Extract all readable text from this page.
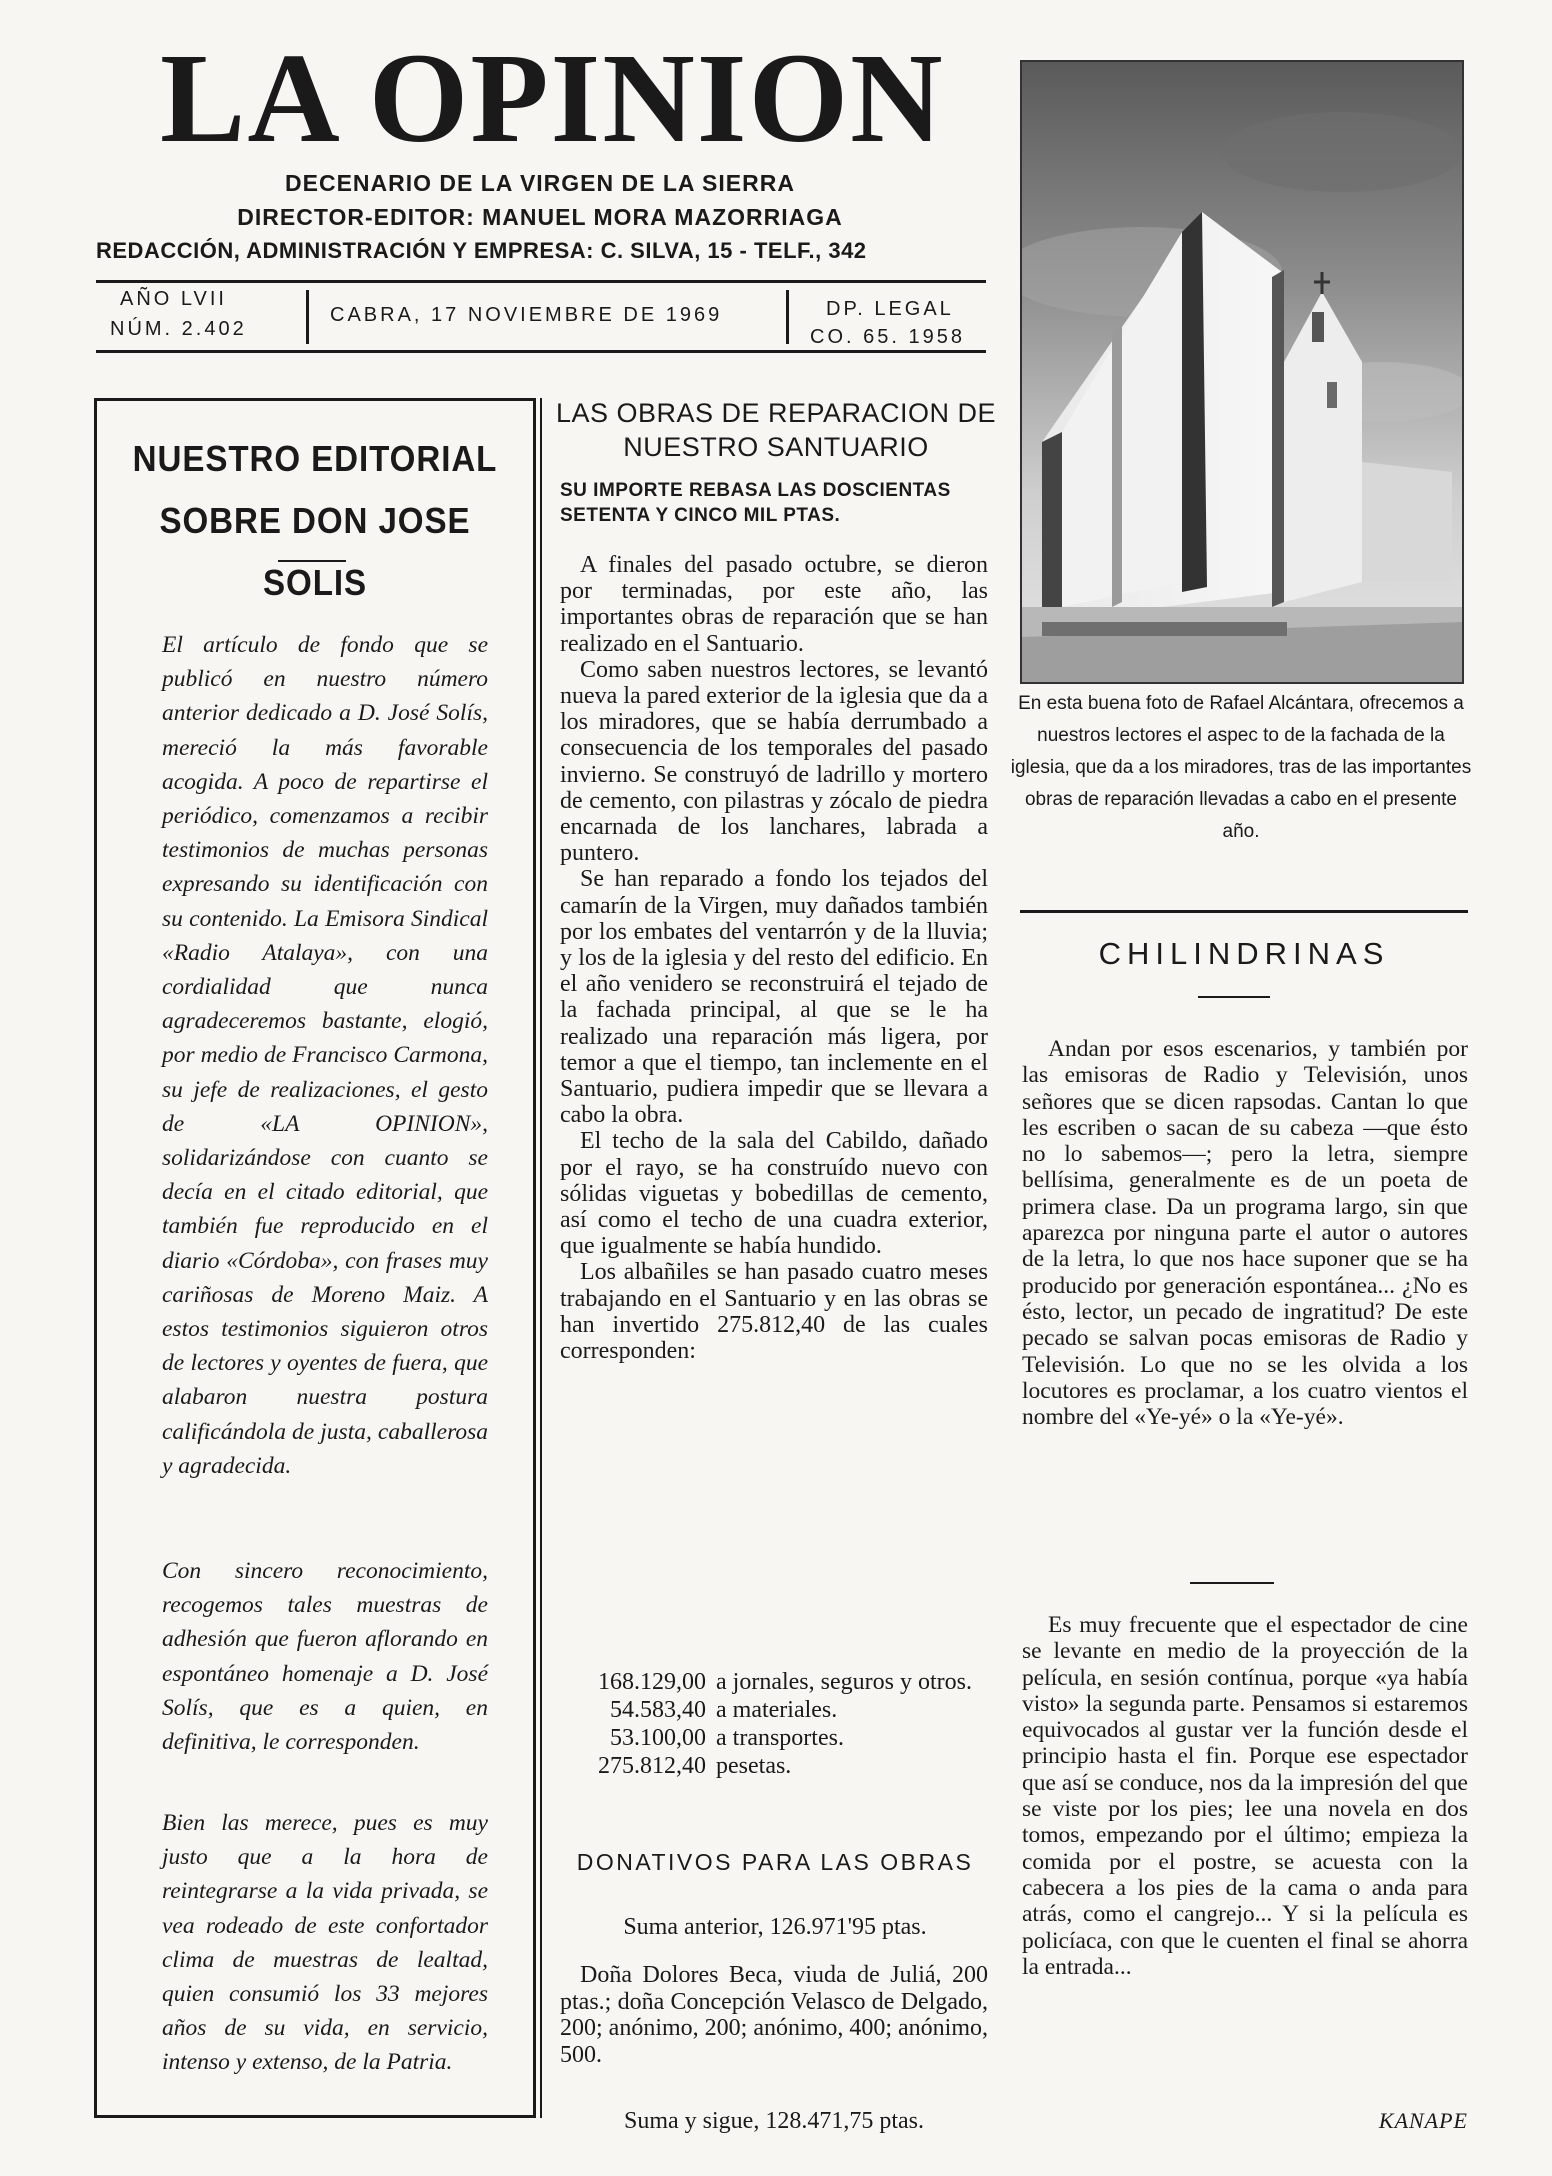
LA OPINION
DECENARIO DE LA VIRGEN DE LA SIERRA
DIRECTOR-EDITOR: MANUEL MORA MAZORRIAGA
REDACCIÓN, ADMINISTRACIÓN Y EMPRESA: C. SILVA, 15 - TELF., 342
AÑO LVII
NÚM. 2.402
CABRA, 17 NOVIEMBRE DE 1969	DP. LEGAL
CO. 65. 1958
En esta buena foto de Rafael Alcántara, ofrecemos a nuestros lectores el aspec to de la fachada de la iglesia, que da a los miradores, tras de las importantes obras de reparación llevadas a cabo en el presente año.
NUESTRO EDITORIAL SOBRE DON JOSE SOLIS
El artículo de fondo que se publicó en nuestro número anterior dedicado a D. José Solís, mereció la más favorable acogida. A poco de repartirse el periódico, comenzamos a recibir testimonios de muchas personas expresando su identificación con su contenido. La Emisora Sindical «Radio Atalaya», con una cordialidad que nunca agradeceremos bastante, elogió, por medio de Francisco Carmona, su jefe de realizaciones, el gesto de «LA OPINION», solidarizándose con cuanto se decía en el citado editorial, que también fue reproducido en el diario «Córdoba», con frases muy cariñosas de Moreno Maiz. A estos testimonios siguieron otros de lectores y oyentes de fuera, que alabaron nuestra postura calificándola de justa, caballerosa y agradecida.
Con sincero reconocimiento, recogemos tales muestras de adhesión que fueron aflorando en espontáneo homenaje a D. José Solís, que es a quien, en definitiva, le corresponden.
Bien las merece, pues es muy justo que a la hora de reintegrarse a la vida privada, se vea rodeado de este confortador clima de muestras de lealtad, quien consumió los 33 mejores años de su vida, en servicio, intenso y extenso, de la Patria.
LAS OBRAS DE REPARACION DE NUESTRO SANTUARIO
SU IMPORTE REBASA LAS DOSCIENTAS SETENTA Y CINCO MIL PTAS.

A finales del pasado octubre, se dieron por terminadas, por este año, las importantes obras de reparación que se han realizado en el Santuario.

Como saben nuestros lectores, se levantó nueva la pared exterior de la iglesia que da a los miradores, que se había derrumbado a consecuencia de los temporales del pasado invierno. Se construyó de ladrillo y mortero de cemento, con pilastras y zócalo de piedra encarnada de los lanchares, labrada a puntero.

Se han reparado a fondo los tejados del camarín de la Virgen, muy dañados también por los embates del ventarrón y de la lluvia; y los de la iglesia y del resto del edificio. En el año venidero se reconstruirá el tejado de la fachada principal, al que se le ha realizado una reparación más ligera, por temor a que el tiempo, tan inclemente en el Santuario, pudiera impedir que se llevara a cabo la obra.

El techo de la sala del Cabildo, dañado por el rayo, se ha construído nuevo con sólidas viguetas y bobedillas de cemento, así como el techo de una cuadra exterior, que igualmente se había hundido.

Los albañiles se han pasado cuatro meses trabajando en el Santuario y en las obras se han invertido 275.812,40 de las cuales corresponden:

168.129,00 a jornales, seguros y otros.
54.583,40 a materiales.
53.100,00 a transportes.
275.812,40 pesetas.
DONATIVOS PARA LAS OBRAS
Suma anterior, 126.971'95 ptas.
Doña Dolores Beca, viuda de Juliá, 200 ptas.; doña Concepción Velasco de Delgado, 200; anónimo, 200; anónimo, 400; anónimo, 500.
Suma y sigue, 128.471,75 ptas.
CHILINDRINAS

Andan por esos escenarios, y también por las emisoras de Radio y Televisión, unos señores que se dicen rapsodas. Cantan lo que les escriben o sacan de su cabeza —que ésto no lo sabemos—; pero la letra, siempre bellísima, generalmente es de un poeta de primera clase. Da un programa largo, sin que aparezca por ninguna parte el autor o autores de la letra, lo que nos hace suponer que se ha producido por generación espontánea... ¿No es ésto, lector, un pecado de ingratitud? De este pecado se salvan pocas emisoras de Radio y Televisión. Lo que no se les olvida a los locutores es proclamar, a los cuatro vientos el nombre del «Ye-yé» o la «Ye-yé».

Es muy frecuente que el espectador de cine se levante en medio de la proyección de la película, en sesión contínua, porque «ya había visto» la segunda parte. Pensamos si estaremos equivocados al gustar ver la función desde el principio hasta el fin. Porque ese espectador que así se conduce, nos da la impresión del que se viste por los pies; lee una novela en dos tomos, empezando por el último; empieza la comida por el postre, se acuesta con la cabecera a los pies de la cama o anda para atrás, como el cangrejo... Y si la película es policíaca, con que le cuenten el final se ahorra la entrada...

KANAPE
